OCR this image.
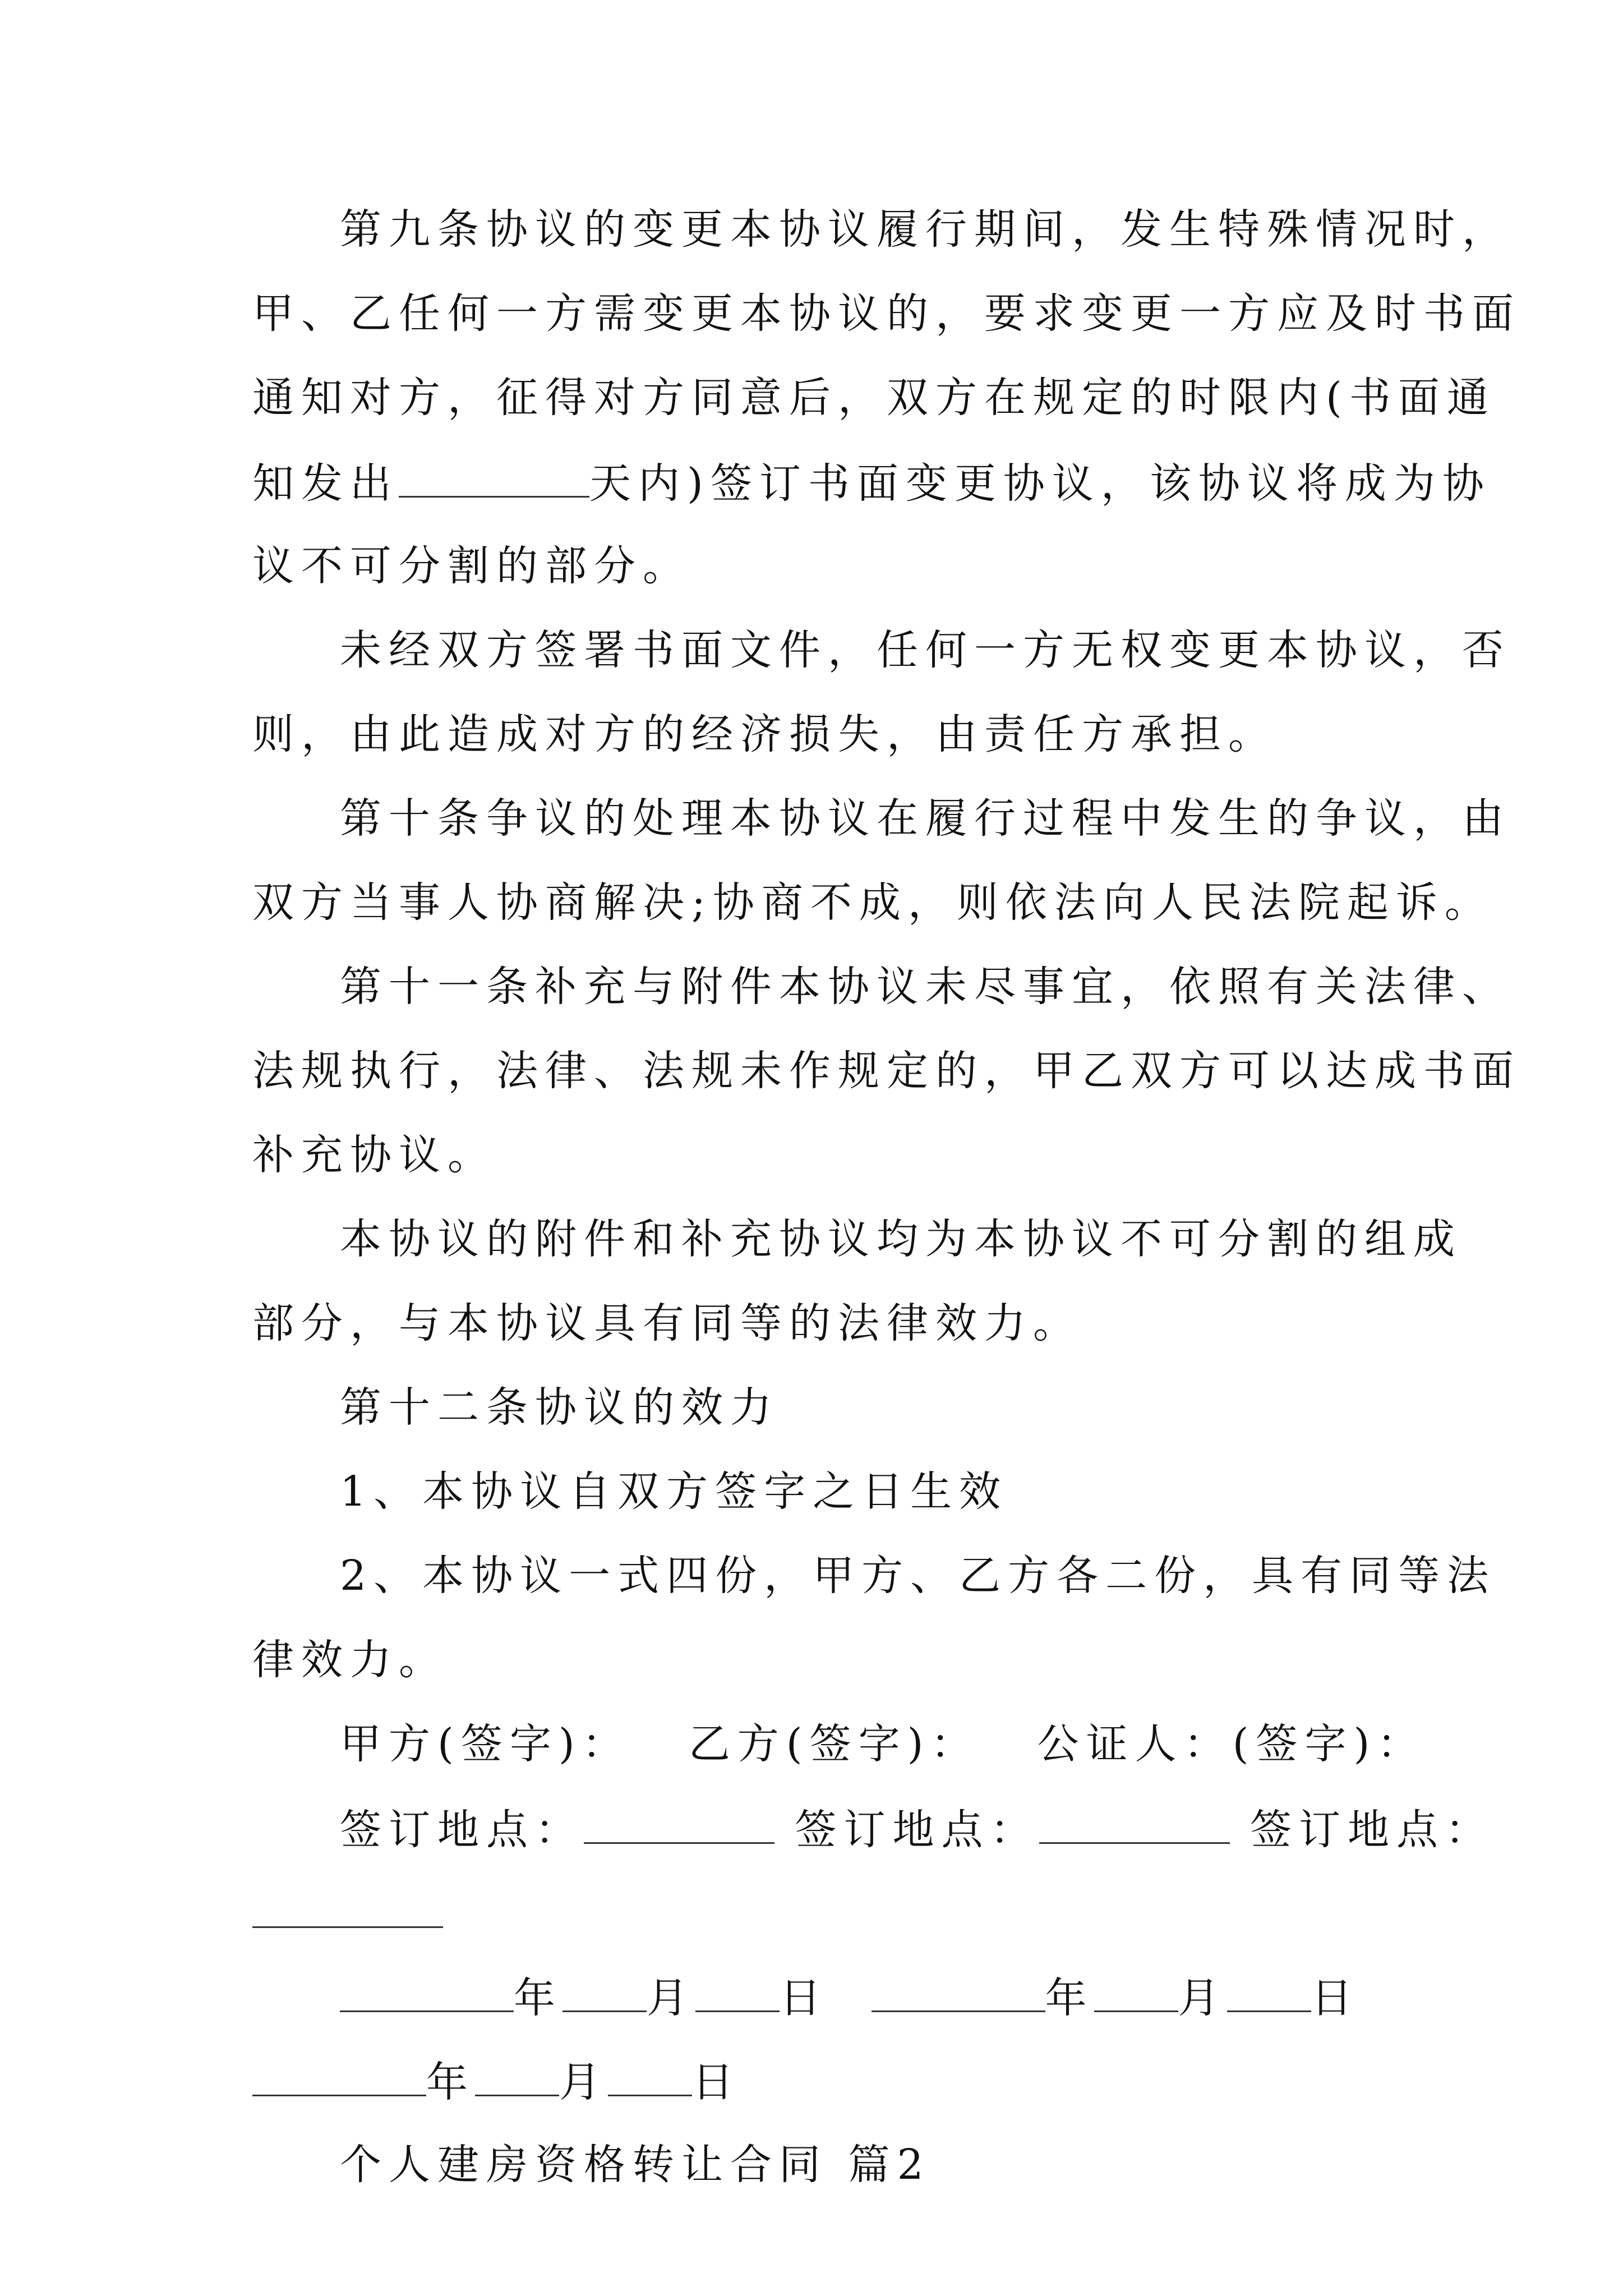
第九条协议的变更本协议履行期间，发生特殊情况时，
甲、乙任何一方需变更本协议的，要求变更一方应及时书面
通知对方，征得对方同意后，双方在规定的时限内(书面通
知发出	天内)签订书面变更协议，该协议将成为协
议不可分割的部分。
未经双方签署书面文件，任何一方无权变更本协议，否
则，由此造成对方的经济损失，由责任方承担。
第十条争议的处理本协议在履行过程中发生的争议，由
双方当事人协商解决;协商不成，则依法向人民法院起诉。
第十一条补充与附件本协议未尽事宜，依照有关法律、
法规执行，法律、法规未作规定的，甲乙双方可以达成书面
补充协议。
本协议的附件和补充协议均为本协议不可分割的组成
部分，与本协议具有同等的法律效力。
第十二条协议的效力
1、本协议自双方签字之日生效
2、本协议一式四份，甲方、乙方各二份，具有同等法
律效力。
甲方(签字)： 乙方(签字)： 公证人：(签字)：
签订地点：	签订地点：	签订地点：
年 月 日	年 月 日
年 月 日
个人建房资格转让合同 篇2
